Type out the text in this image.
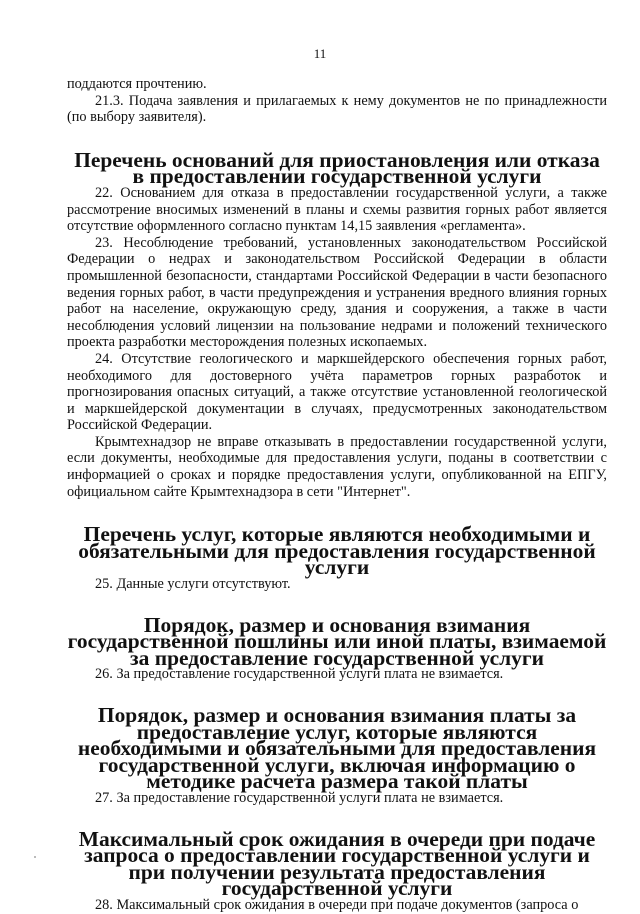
11

поддаются прочтению.

21.3. Подача заявления и прилагаемых к нему документов не по принадлежности (по выбору заявителя).

Перечень оснований для приостановления или отказа в предоставлении государственной услуги

22. Основанием для отказа в предоставлении государственной услуги, а также рассмотрение вносимых изменений в планы и схемы развития горных работ является отсутствие оформленного согласно пунктам 14,15 заявления «регламента».

23. Несоблюдение требований, установленных законодательством Российской Федерации о недрах и законодательством Российской Федерации в области промышленной безопасности, стандартами Российской Федерации в части безопасного ведения горных работ, в части предупреждения и устранения вредного влияния горных работ на население, окружающую среду, здания и сооружения, а также в части несоблюдения условий лицензии на пользование недрами и положений технического проекта разработки месторождения полезных ископаемых.

24. Отсутствие геологического и маркшейдерского обеспечения горных работ, необходимого для достоверного учёта параметров горных разработок и прогнозирования опасных ситуаций, а также отсутствие установленной геологической и маркшейдерской документации в случаях, предусмотренных законодательством Российской Федерации.

Крымтехнадзор не вправе отказывать в предоставлении государственной услуги, если документы, необходимые для предоставления услуги, поданы в соответствии с информацией о сроках и порядке предоставления услуги, опубликованной на ЕПГУ, официальном сайте Крымтехнадзора в сети "Интернет".

Перечень услуг, которые являются необходимыми и обязательными для предоставления государственной услуги

25. Данные услуги отсутствуют.

Порядок, размер и основания взимания государственной пошлины или иной платы, взимаемой за предоставление государственной услуги

26. За предоставление государственной услуги плата не взимается.

Порядок, размер и основания взимания платы за предоставление услуг, которые являются необходимыми и обязательными для предоставления государственной услуги, включая информацию о методике расчета размера такой платы

27. За предоставление государственной услуги плата не взимается.

Максимальный срок ожидания в очереди при подаче запроса о предоставлении государственной услуги и при получении результата предоставления государственной услуги

28. Максимальный срок ожидания в очереди при подаче документов (запроса о
